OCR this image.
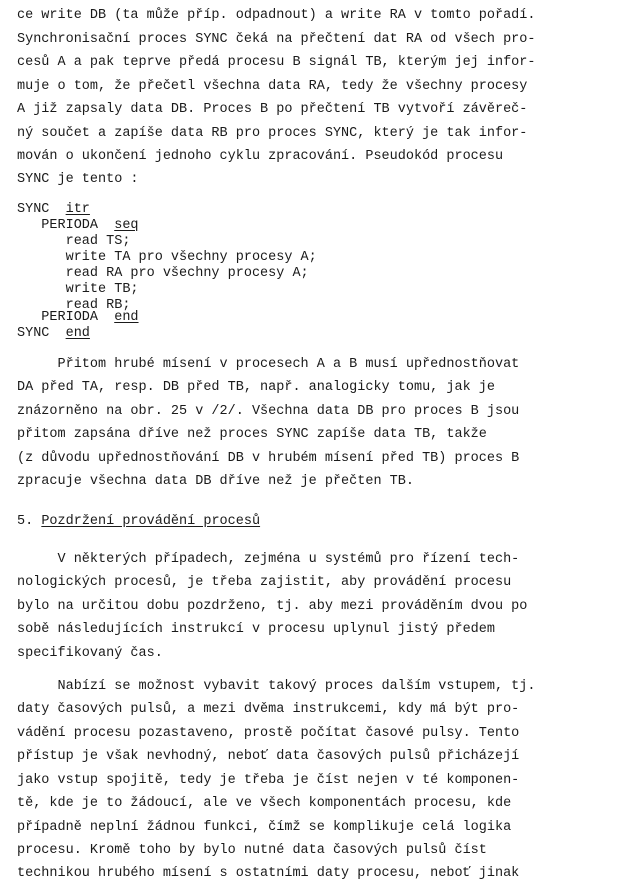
ce write DB (ta může příp. odpadnout) a write RA v tomto pořadí.
Synchronisační proces SYNC čeká na přečtení dat RA od všech pro-
cesů A a pak teprve předá procesu B signál TB, kterým jej infor-
muje o tom, že přečetl všechna data RA, tedy že všechny procesy
A již zapsaly data DB. Proces B po přečtení TB vytvoří závěreč-
ný součet a zapíše data RB pro proces SYNC, který je tak infor-
mován o ukončení jednoho cyklu zpracování. Pseudokód procesu
SYNC je tento :
SYNC  itr
PERIODA  seq
read TS;
write TA pro všechny procesy A;
read RA pro všechny procesy A;
write TB;
read RB;
PERIODA  end
SYNC  end
Přitom hrubé mísení v procesech A a B musí upřednostňovat
DA před TA, resp. DB před TB, např. analogicky tomu, jak je
znázorněno na obr. 25 v /2/. Všechna data DB pro proces B jsou
přitom zapsána dříve než proces SYNC zapíše data TB, takže
(z důvodu upřednostňování DB v hrubém mísení před TB) proces B
zpracuje všechna data DB dříve než je přečten TB.
5. Pozdržení provádění procesů
V některých případech, zejména u systémů pro řízení tech-
nologických procesů, je třeba zajistit, aby provádění procesu
bylo na určitou dobu pozdrženo, tj. aby mezi prováděním dvou po
sobě následujících instrukcí v procesu uplynul jistý předem
specifikovaný čas.
Nabízí se možnost vybavit takový proces dalším vstupem, tj.
daty časových pulsů, a mezi dvěma instrukcemi, kdy má být pro-
vádění procesu pozastaveno, prostě počítat časové pulsy. Tento
přístup je však nevhodný, neboť data časových pulsů přicházejí
jako vstup spojitě, tedy je třeba je číst nejen v té komponen-
tě, kde je to žádoucí, ale ve všech komponentách procesu, kde
případně neplní žádnou funkci, čímž se komplikuje celá logika
procesu. Kromě toho by bylo nutné data časových pulsů číst
technikou hrubého mísení s ostatními daty procesu, neboť jinak
